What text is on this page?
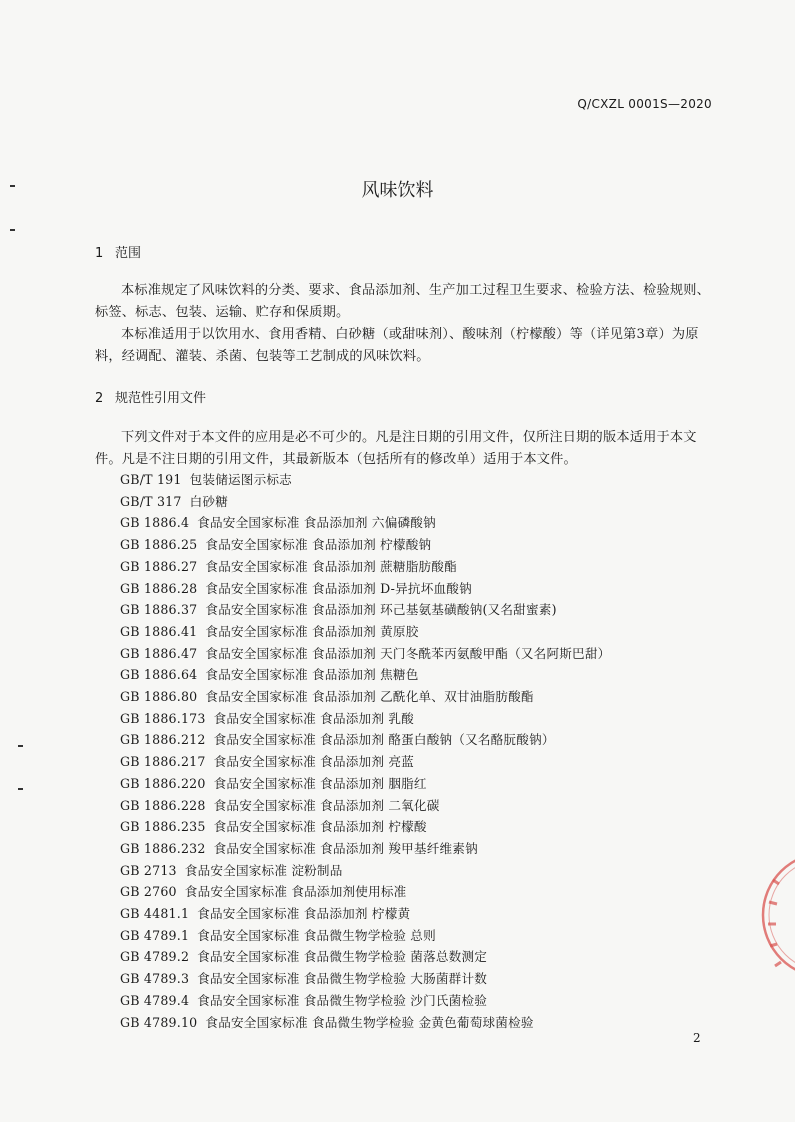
Q/CXZL 0001S—2020
风味饮料
1 范围
本标准规定了风味饮料的分类、要求、食品添加剂、生产加工过程卫生要求、检验方法、检验规则、标签、标志、包装、运输、贮存和保质期。
本标准适用于以饮用水、食用香精、白砂糖（或甜味剂）、酸味剂（柠檬酸）等（详见第3章）为原料，经调配、灌装、杀菌、包装等工艺制成的风味饮料。
2 规范性引用文件
下列文件对于本文件的应用是必不可少的。凡是注日期的引用文件，仅所注日期的版本适用于本文件。凡是不注日期的引用文件，其最新版本（包括所有的修改单）适用于本文件。
GB/T 191 包装储运图示标志
GB/T 317 白砂糖
GB 1886.4 食品安全国家标准 食品添加剂 六偏磷酸钠
GB 1886.25 食品安全国家标准 食品添加剂 柠檬酸钠
GB 1886.27 食品安全国家标准 食品添加剂 蔗糖脂肪酸酯
GB 1886.28 食品安全国家标准 食品添加剂 D-异抗坏血酸钠
GB 1886.37 食品安全国家标准 食品添加剂 环己基氨基磺酸钠(又名甜蜜素)
GB 1886.41 食品安全国家标准 食品添加剂 黄原胶
GB 1886.47 食品安全国家标准 食品添加剂 天门冬酰苯丙氨酸甲酯（又名阿斯巴甜）
GB 1886.64 食品安全国家标准 食品添加剂 焦糖色
GB 1886.80 食品安全国家标准 食品添加剂 乙酰化单、双甘油脂肪酸酯
GB 1886.173 食品安全国家标准 食品添加剂 乳酸
GB 1886.212 食品安全国家标准 食品添加剂 酪蛋白酸钠（又名酪朊酸钠）
GB 1886.217 食品安全国家标准 食品添加剂 亮蓝
GB 1886.220 食品安全国家标准 食品添加剂 胭脂红
GB 1886.228 食品安全国家标准 食品添加剂 二氧化碳
GB 1886.235 食品安全国家标准 食品添加剂 柠檬酸
GB 1886.232 食品安全国家标准 食品添加剂 羧甲基纤维素钠
GB 2713 食品安全国家标准 淀粉制品
GB 2760 食品安全国家标准 食品添加剂使用标准
GB 4481.1 食品安全国家标准 食品添加剂 柠檬黄
GB 4789.1 食品安全国家标准 食品微生物学检验 总则
GB 4789.2 食品安全国家标准 食品微生物学检验 菌落总数测定
GB 4789.3 食品安全国家标准 食品微生物学检验 大肠菌群计数
GB 4789.4 食品安全国家标准 食品微生物学检验 沙门氏菌检验
GB 4789.10 食品安全国家标准 食品微生物学检验 金黄色葡萄球菌检验
2
